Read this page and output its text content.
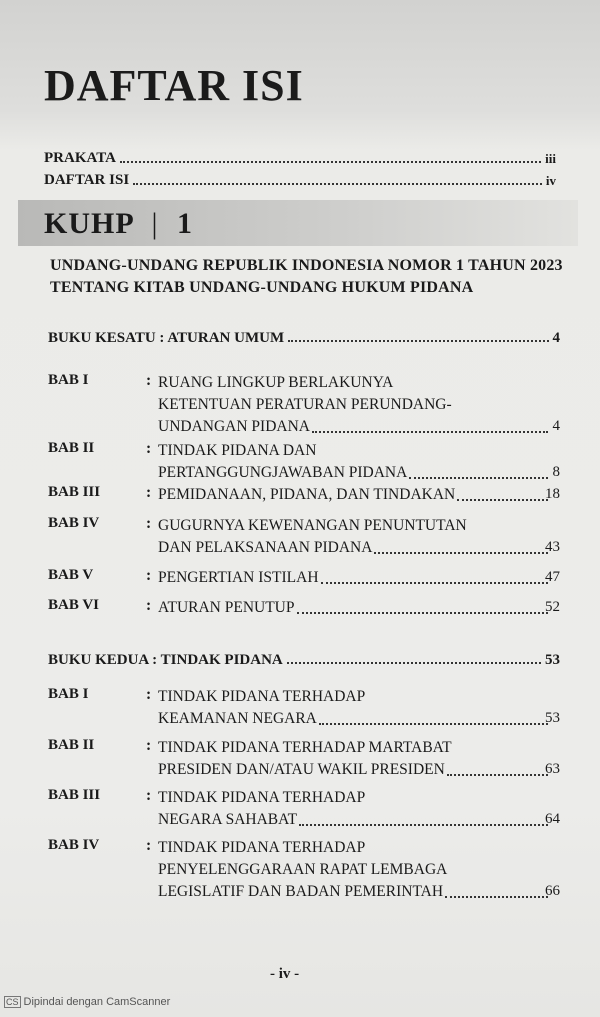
DAFTAR ISI
PRAKATA	iii
DAFTAR ISI	iv
KUHP | 1
UNDANG-UNDANG REPUBLIK INDONESIA NOMOR 1 TAHUN 2023 TENTANG KITAB UNDANG-UNDANG HUKUM PIDANA
BUKU KESATU : ATURAN UMUM	4
BAB I	: RUANG LINGKUP BERLAKUNYA
KETENTUAN PERATURAN PERUNDANG-
UNDANGAN PIDANA	4
BAB II	: TINDAK PIDANA DAN
PERTANGGUNGJAWABAN PIDANA	8
BAB III	: PEMIDANAAN, PIDANA, DAN TINDAKAN	18
BAB IV	: GUGURNYA KEWENANGAN PENUNTUTAN
DAN PELAKSANAAN PIDANA	43
BAB V	: PENGERTIAN ISTILAH	47
BAB VI	: ATURAN PENUTUP	52
BUKU KEDUA : TINDAK PIDANA	53
BAB I	: TINDAK PIDANA TERHADAP
KEAMANAN NEGARA	53
BAB II	: TINDAK PIDANA TERHADAP MARTABAT
PRESIDEN DAN/ATAU WAKIL PRESIDEN	63
BAB III	: TINDAK PIDANA TERHADAP
NEGARA SAHABAT	64
BAB IV	: TINDAK PIDANA TERHADAP
PENYELENGGARAAN RAPAT LEMBAGA
LEGISLATIF DAN BADAN PEMERINTAH	66
- iv -
CS Dipindai dengan CamScanner
